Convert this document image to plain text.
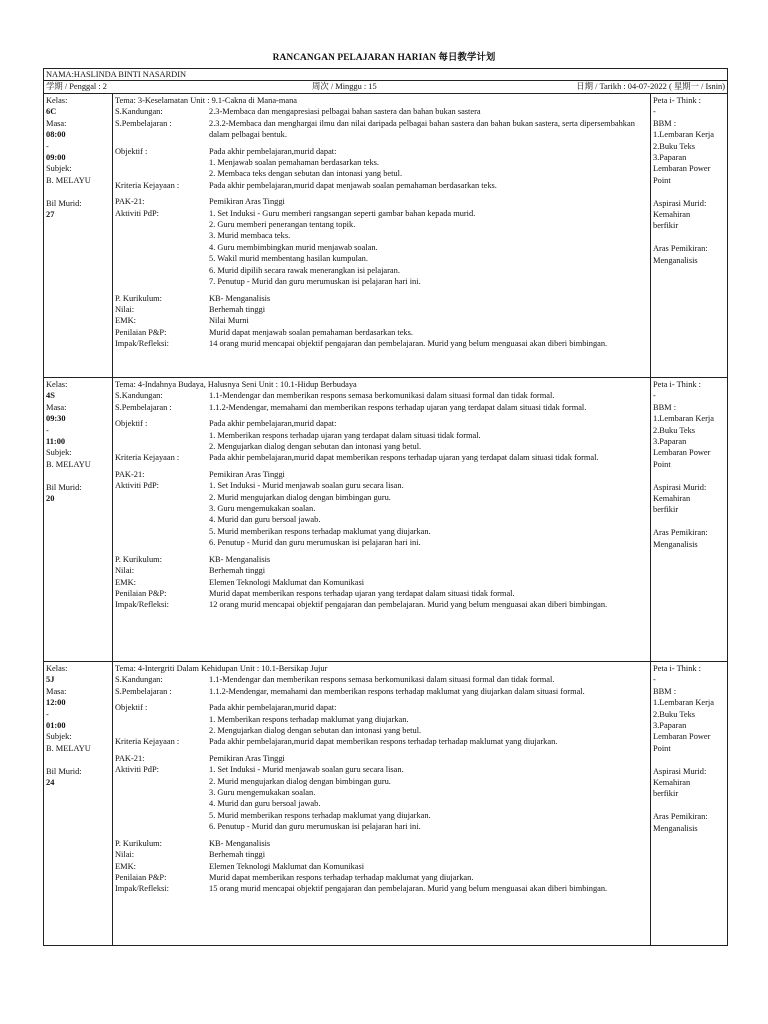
RANCANGAN PELAJARAN HARIAN 每日教学计划
NAMA:HASLINDA BINTI NASARDIN
学期 / Penggal : 2	周次 / Minggu : 15	日期 / Tarikh : 04-07-2022 ( 星期一 / Isnin)
Kelas:
6C
Masa:
08:00
-
09:00
Subjek:
B. MELAYU
Bil Murid:
27
Tema: 3-Keselamatan Unit : 9.1-Cakna di Mana-mana
S.Kandungan:	2.3-Membaca dan mengapresiasi pelbagai bahan sastera dan bahan bukan sastera
S.Pembelajaran :	2.3.2-Membaca dan menghargai ilmu dan nilai daripada pelbagai bahan sastera dan bahan bukan sastera, serta dipersembahkan dalam pelbagai bentuk.
Objektif :	Pada akhir pembelajaran,murid dapat:
1. Menjawab soalan pemahaman berdasarkan teks.
2. Membaca teks dengan sebutan dan intonasi yang betul.
Kriteria Kejayaan :	Pada akhir pembelajaran,murid dapat menjawab soalan pemahaman berdasarkan teks.
PAK-21:	Pemikiran Aras Tinggi
Aktiviti PdP:	1. Set Induksi - Guru memberi rangsangan seperti gambar bahan kepada murid.
2. Guru memberi penerangan tentang topik.
3. Murid membaca teks.
4. Guru membimbingkan murid menjawab soalan.
5. Wakil murid membentang hasilan kumpulan.
6. Murid dipilih secara rawak menerangkan isi pelajaran.
7. Penutup - Murid dan guru merumuskan isi pelajaran hari ini.
P. Kurikulum:	KB- Menganalisis
Nilai:	Berhemah tinggi
EMK:	Nilai Murni
Penilaian P&P:	Murid dapat menjawab soalan pemahaman berdasarkan teks.
Impak/Refleksi:	14 orang murid mencapai objektif pengajaran dan pembelajaran. Murid yang belum menguasai akan diberi bimbingan.
Peta i- Think :
-
BBM :
1.Lembaran Kerja
2.Buku Teks
3.Paparan
Lembaran Power
Point
Aspirasi Murid:
Kemahiran
berfikir
Aras Pemikiran:
Menganalisis
Kelas:
4S
Masa:
09:30
-
11:00
Subjek:
B. MELAYU
Bil Murid:
20
Tema: 4-Indahnya Budaya, Halusnya Seni Unit : 10.1-Hidup Berbudaya
S.Kandungan:	1.1-Mendengar dan memberikan respons semasa berkomunikasi dalam situasi formal dan tidak formal.
S.Pembelajaran :	1.1.2-Mendengar, memahami dan memberikan respons terhadap ujaran yang terdapat dalam situasi tidak formal.
Objektif :	Pada akhir pembelajaran,murid dapat:
1. Memberikan respons terhadap ujaran yang terdapat dalam situasi tidak formal.
2. Mengujarkan dialog dengan sebutan dan intonasi yang betul.
Kriteria Kejayaan :	Pada akhir pembelajaran,murid dapat memberikan respons terhadap ujaran yang terdapat dalam situasi tidak formal.
PAK-21:	Pemikiran Aras Tinggi
Aktiviti PdP:	1. Set Induksi - Murid menjawab soalan guru secara lisan.
2. Murid mengujarkan dialog dengan bimbingan guru.
3. Guru mengemukakan soalan.
4. Murid dan guru bersoal jawab.
5. Murid memberikan respons terhadap maklumat yang diujarkan.
6. Penutup - Murid dan guru merumuskan isi pelajaran hari ini.
P. Kurikulum:	KB- Menganalisis
Nilai:	Berhemah tinggi
EMK:	Elemen Teknologi Maklumat dan Komunikasi
Penilaian P&P:	Murid dapat memberikan respons terhadap ujaran yang terdapat dalam situasi tidak formal.
Impak/Refleksi:	12 orang murid mencapai objektif pengajaran dan pembelajaran. Murid yang belum menguasai akan diberi bimbingan.
Peta i- Think :
-
BBM :
1.Lembaran Kerja
2.Buku Teks
3.Paparan
Lembaran Power
Point
Aspirasi Murid:
Kemahiran
berfikir
Aras Pemikiran:
Menganalisis
Kelas:
5J
Masa:
12:00
-
01:00
Subjek:
B. MELAYU
Bil Murid:
24
Tema: 4-Intergriti Dalam Kehidupan Unit : 10.1-Bersikap Jujur
S.Kandungan:	1.1-Mendengar dan memberikan respons semasa berkomunikasi dalam situasi formal dan tidak formal.
S.Pembelajaran :	1.1.2-Mendengar, memahami dan memberikan respons terhadap maklumat yang diujarkan dalam situasi formal.
Objektif :	Pada akhir pembelajaran,murid dapat:
1. Memberikan respons terhadap maklumat yang diujarkan.
2. Mengujarkan dialog dengan sebutan dan intonasi yang betul.
Kriteria Kejayaan :	Pada akhir pembelajaran,murid dapat memberikan respons terhadap terhadap maklumat yang diujarkan.
PAK-21:	Pemikiran Aras Tinggi
Aktiviti PdP:	1. Set Induksi - Murid menjawab soalan guru secara lisan.
2. Murid mengujarkan dialog dengan bimbingan guru.
3. Guru mengemukakan soalan.
4. Murid dan guru bersoal jawab.
5. Murid memberikan respons terhadap maklumat yang diujarkan.
6. Penutup - Murid dan guru merumuskan isi pelajaran hari ini.
P. Kurikulum:	KB- Menganalisis
Nilai:	Berhemah tinggi
EMK:	Elemen Teknologi Maklumat dan Komunikasi
Penilaian P&P:	Murid dapat memberikan respons terhadap terhadap maklumat yang diujarkan.
Impak/Refleksi:	15 orang murid mencapai objektif pengajaran dan pembelajaran. Murid yang belum menguasai akan diberi bimbingan.
Peta i- Think :
-
BBM :
1.Lembaran Kerja
2.Buku Teks
3.Paparan
Lembaran Power
Point
Aspirasi Murid:
Kemahiran
berfikir
Aras Pemikiran:
Menganalisis
